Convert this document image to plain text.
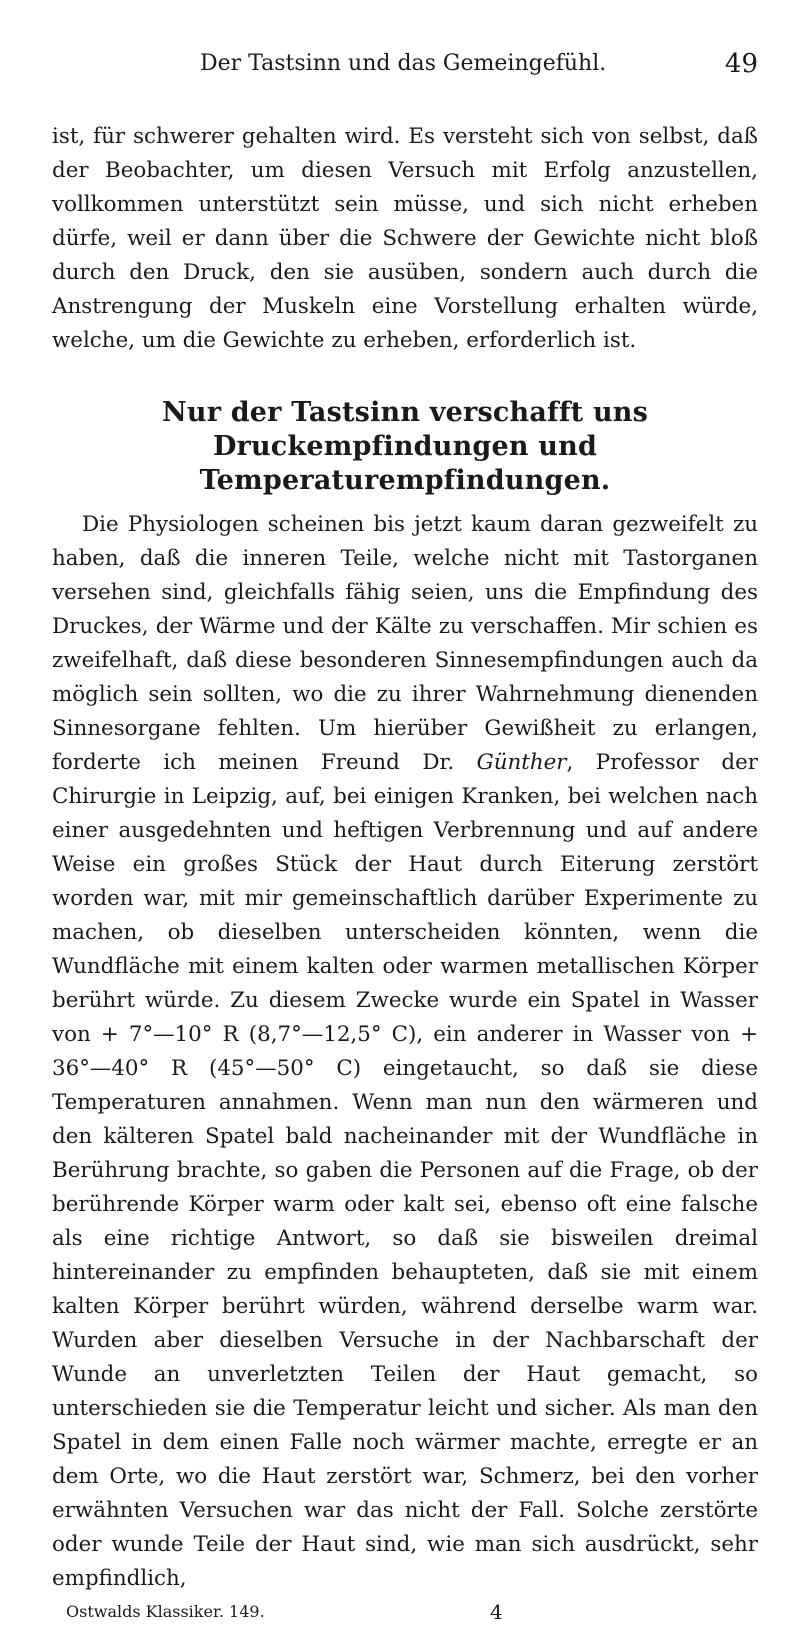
Der Tastsinn und das Gemeingefühl.	49

ist, für schwerer gehalten wird. Es versteht sich von selbst, daß der Beobachter, um diesen Versuch mit Erfolg anzustellen, vollkommen unterstützt sein müsse, und sich nicht erheben dürfe, weil er dann über die Schwere der Gewichte nicht bloß durch den Druck, den sie ausüben, sondern auch durch die Anstrengung der Muskeln eine Vorstellung erhalten würde, welche, um die Gewichte zu erheben, erforderlich ist.

Nur der Tastsinn verschafft uns Druckempfindungen und Temperaturempfindungen.

Die Physiologen scheinen bis jetzt kaum daran gezweifelt zu haben, daß die inneren Teile, welche nicht mit Tastorganen versehen sind, gleichfalls fähig seien, uns die Empfindung des Druckes, der Wärme und der Kälte zu verschaffen. Mir schien es zweifelhaft, daß diese besonderen Sinnesempfindungen auch da möglich sein sollten, wo die zu ihrer Wahrnehmung dienenden Sinnesorgane fehlten. Um hierüber Gewißheit zu erlangen, forderte ich meinen Freund Dr. Günther, Professor der Chirurgie in Leipzig, auf, bei einigen Kranken, bei welchen nach einer ausgedehnten und heftigen Verbrennung und auf andere Weise ein großes Stück der Haut durch Eiterung zerstört worden war, mit mir gemeinschaftlich darüber Experimente zu machen, ob dieselben unterscheiden könnten, wenn die Wundfläche mit einem kalten oder warmen metallischen Körper berührt würde. Zu diesem Zwecke wurde ein Spatel in Wasser von + 7°—10° R (8,7°—12,5° C), ein anderer in Wasser von + 36°—40° R (45°—50° C) eingetaucht, so daß sie diese Temperaturen annahmen. Wenn man nun den wärmeren und den kälteren Spatel bald nacheinander mit der Wundfläche in Berührung brachte, so gaben die Personen auf die Frage, ob der berührende Körper warm oder kalt sei, ebenso oft eine falsche als eine richtige Antwort, so daß sie bisweilen dreimal hintereinander zu empfinden behaupteten, daß sie mit einem kalten Körper berührt würden, während derselbe warm war. Wurden aber dieselben Versuche in der Nachbarschaft der Wunde an unverletzten Teilen der Haut gemacht, so unterschieden sie die Temperatur leicht und sicher. Als man den Spatel in dem einen Falle noch wärmer machte, erregte er an dem Orte, wo die Haut zerstört war, Schmerz, bei den vorher erwähnten Versuchen war das nicht der Fall. Solche zerstörte oder wunde Teile der Haut sind, wie man sich ausdrückt, sehr empfindlich,

Ostwalds Klassiker. 149.	4
